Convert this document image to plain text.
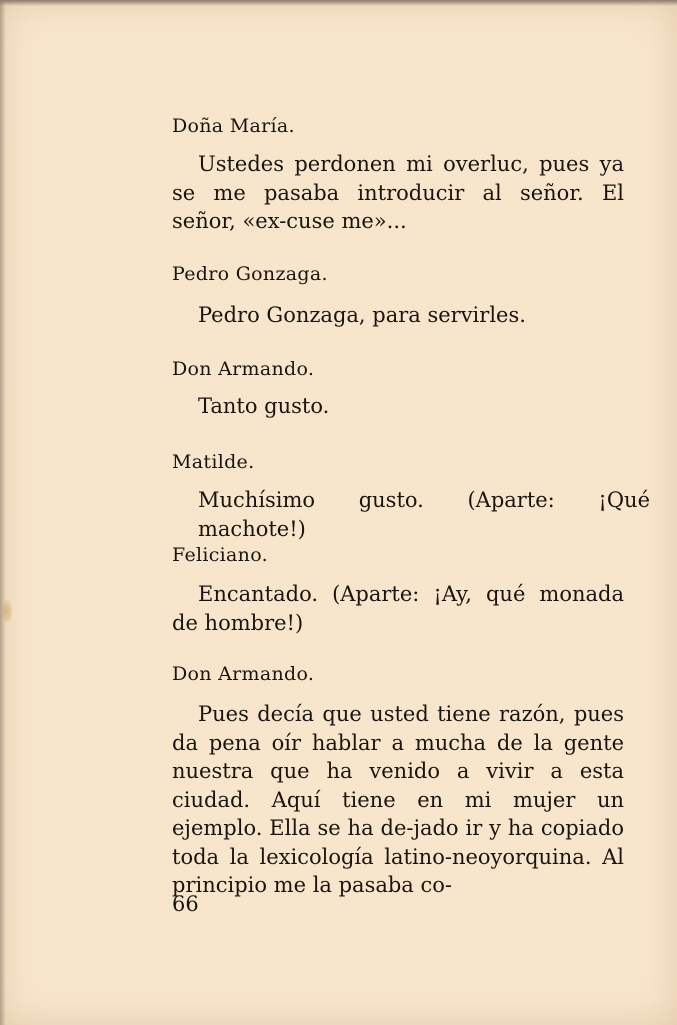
Doña María.
Ustedes perdonen mi overluc, pues ya se me pasaba introducir al señor. El señor, «ex-cuse me»...
Pedro Gonzaga.
Pedro Gonzaga, para servirles.
Don Armando.
Tanto gusto.
Matilde.
Muchísimo gusto. (Aparte: ¡Qué machote!)
Feliciano.
Encantado. (Aparte: ¡Ay, qué monada de hombre!)
Don Armando.
Pues decía que usted tiene razón, pues da pena oír hablar a mucha de la gente nuestra que ha venido a vivir a esta ciudad. Aquí tiene en mi mujer un ejemplo. Ella se ha de-jado ir y ha copiado toda la lexicología latino-neoyorquina. Al principio me la pasaba co-
66
